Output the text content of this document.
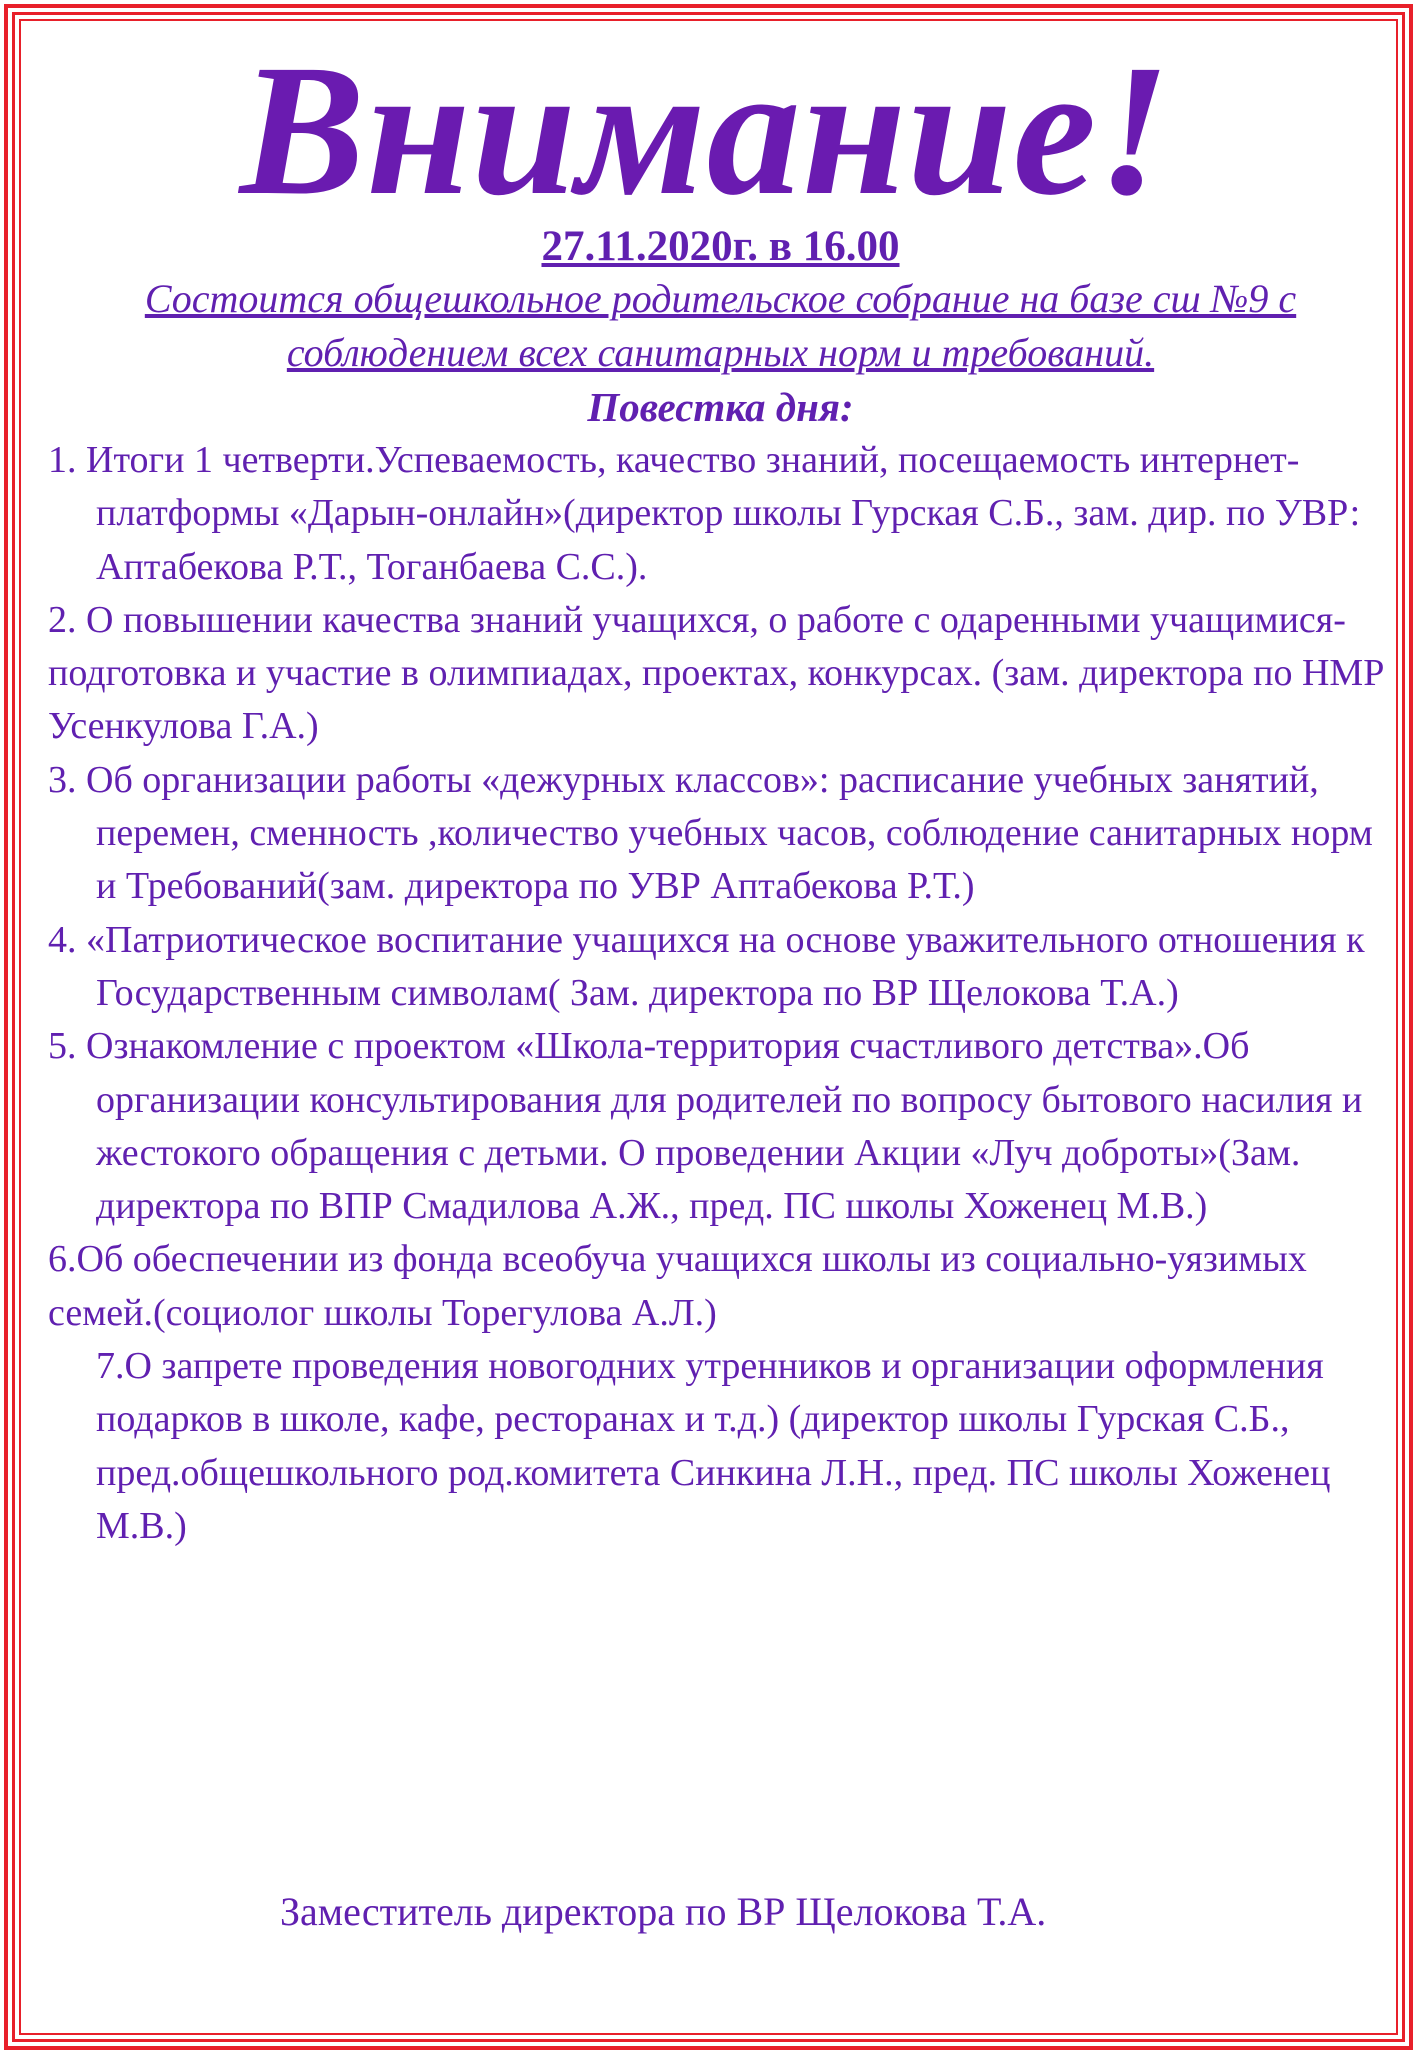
Внимание!
27.11.2020г. в 16.00
Состоится общешкольное родительское собрание на базе сш №9 с соблюдением всех санитарных норм и требований.
Повестка дня:
1. Итоги 1 четверти.Успеваемость, качество знаний, посещаемость интернет- платформы «Дарын-онлайн»(директор школы Гурская С.Б., зам. дир. по УВР: Аптабекова Р.Т., Тоганбаева С.С.).
2. О повышении качества знаний учащихся, о работе с одаренными учащимися- подготовка и участие в олимпиадах, проектах, конкурсах. (зам. директора по НМР Усенкулова Г.А.)
3. Об организации работы «дежурных классов»: расписание учебных занятий, перемен, сменность ,количество учебных часов, соблюдение санитарных норм и Требований(зам. директора по УВР Аптабекова Р.Т.)
4. «Патриотическое воспитание учащихся на основе уважительного отношения к Государственным символам( Зам. директора по ВР Щелокова Т.А.)
5. Ознакомление с проектом «Школа-территория счастливого детства».Об организации консультирования для родителей по вопросу бытового насилия и жестокого обращения с детьми. О проведении Акции «Луч доброты»(Зам. директора по ВПР Смадилова А.Ж., пред. ПС школы Хоженец М.В.)
6.Об обеспечении из фонда всеобуча учащихся школы из социально-уязимых семей.(социолог школы Торегулова А.Л.)
7.О запрете проведения новогодних утренников и организации оформления подарков в школе, кафе, ресторанах и т.д.) (директор школы Гурская С.Б., пред.общешкольного род.комитета Синкина Л.Н., пред. ПС школы Хоженец М.В.)
Заместитель директора по ВР Щелокова Т.А.
